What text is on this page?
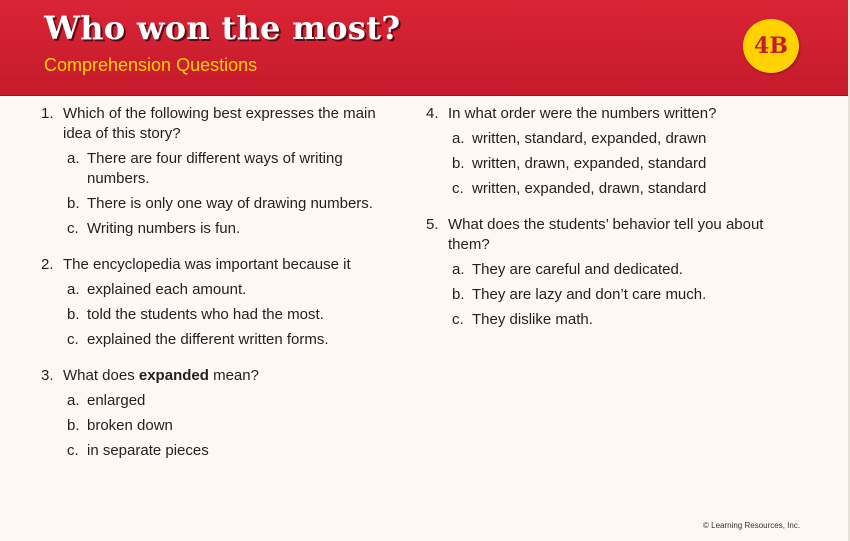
Who won the most?
Comprehension Questions
4B
1. Which of the following best expresses the main idea of this story?
a. There are four different ways of writing numbers.
b. There is only one way of drawing numbers.
c. Writing numbers is fun.
2. The encyclopedia was important because it
a. explained each amount.
b. told the students who had the most.
c. explained the different written forms.
3. What does expanded mean?
a. enlarged
b. broken down
c. in separate pieces
4. In what order were the numbers written?
a. written, standard, expanded, drawn
b. written, drawn, expanded, standard
c. written, expanded, drawn, standard
5. What does the students’ behavior tell you about them?
a. They are careful and dedicated.
b. They are lazy and don’t care much.
c. They dislike math.
© Learning Resources, Inc.
